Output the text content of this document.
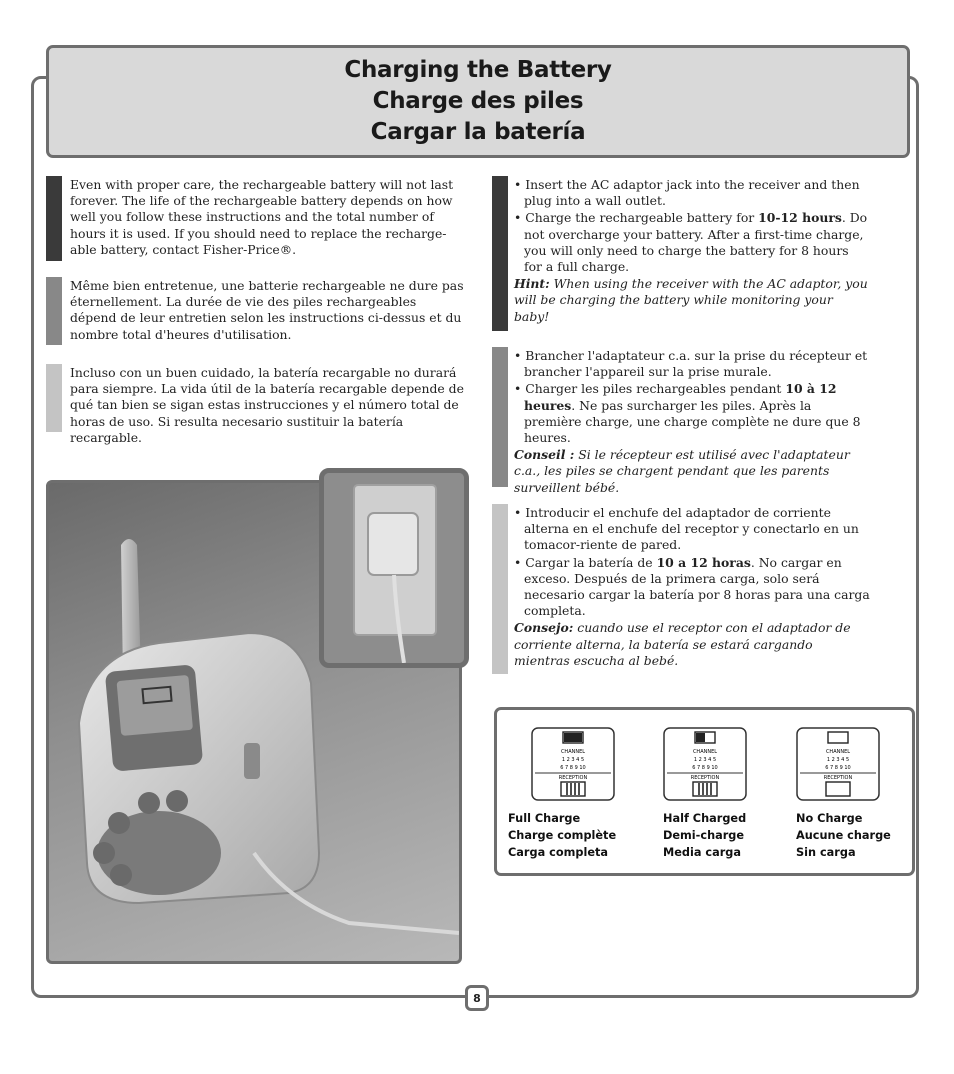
Charging the Battery
Charge des piles
Cargar la batería

Even with proper care, the rechargeable battery will not last forever. The life of the rechargeable battery depends on how well you follow these instructions and the total number of hours it is used. If you should need to replace the recharge-able battery, contact Fisher-Price®.

Même bien entretenue, une batterie rechargeable ne dure pas éternellement. La durée de vie des piles rechargeables dépend de leur entretien selon les instructions ci-dessus et du nombre total d'heures d'utilisation.

Incluso con un buen cuidado, la batería recargable no durará para siempre. La vida útil de la batería recargable depende de qué tan bien se sigan estas instrucciones y el número total de horas de uso. Si resulta necesario sustituir la batería recargable.

• Insert the AC adaptor jack into the receiver and then plug into a wall outlet.
• Charge the rechargeable battery for 10-12 hours. Do not overcharge your battery. After a first-time charge, you will only need to charge the battery for 8 hours for a full charge.

Hint: When using the receiver with the AC adaptor, you will be charging the battery while monitoring your baby!

• Brancher l'adaptateur c.a. sur la prise du récepteur et brancher l'appareil sur la prise murale.
• Charger les piles rechargeables pendant 10 à 12 heures. Ne pas surcharger les piles. Après la première charge, une charge complète ne dure que 8 heures.

Conseil : Si le récepteur est utilisé avec l'adaptateur c.a., les piles se chargent pendant que les parents surveillent bébé.

• Introducir el enchufe del adaptador de corriente alterna en el enchufe del receptor y conectarlo en un tomacor-riente de pared.
• Cargar la batería de 10 a 12 horas. No cargar en exceso. Después de la primera carga, solo será necesario cargar la batería por 8 horas para una carga completa.

Consejo: cuando use el receptor con el adaptador de corriente alterna, la batería se estará cargando mientras escucha al bebé.

CHANNEL
1 2 3 4 5
6 7 8 9 10
RECEPTION
CHANNEL
1 2 3 4 5
6 7 8 9 10
RECEPTION
CHANNEL
1 2 3 4 5
6 7 8 9 10
RECEPTION
Full Charge
Charge complète
Carga completa
Half Charged
Demi-charge
Media carga
No Charge
Aucune charge
Sin carga
8
